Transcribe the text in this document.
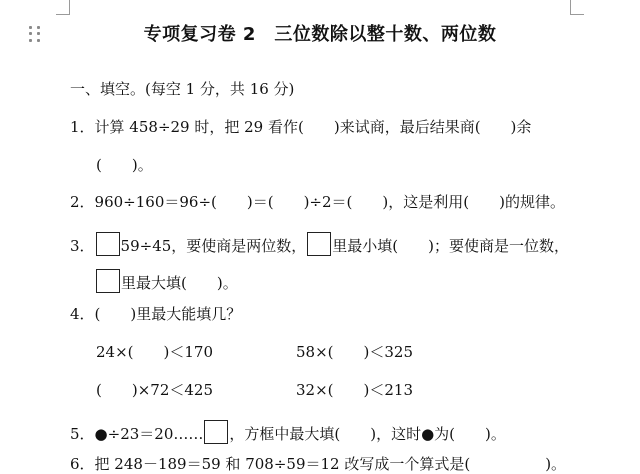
专项复习卷 2　三位数除以整十数、两位数
一、填空。(每空 1 分，共 16 分)
1．计算 458÷29 时，把 29 看作(　　)来试商，最后结果商(　　)余
(　　)。
2．960÷160＝96÷(　　)＝(　　)÷2＝(　　)，这是利用(　　)的规律。
3． 59÷45，要使商是两位数， 里最小填(　　)；要使商是一位数，
里最大填(　　)。
4．(　　)里最大能填几？
24×(　　)＜170	58×(　　)＜325
(　　)×72＜425	32×(　　)＜213
5．●÷23＝20…… ，方框中最大填(　　)，这时●为(　　)。
6．把 248－189＝59 和 708÷59＝12 改写成一个算式是(　　　　　)。
